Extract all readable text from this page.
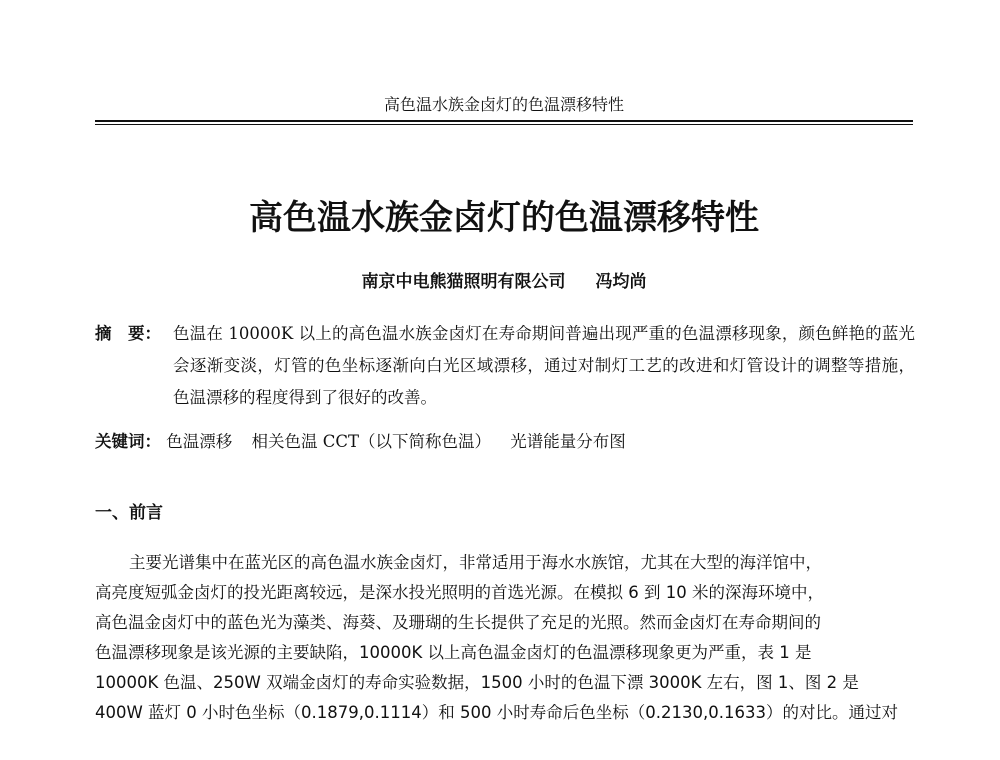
高色温水族金卤灯的色温漂移特性
高色温水族金卤灯的色温漂移特性
南京中电熊猫照明有限公司 冯均尚
摘　要： 色温在 10000K 以上的高色温水族金卤灯在寿命期间普遍出现严重的色温漂移现象，颜色鲜艳的蓝光会逐渐变淡，灯管的色坐标逐渐向白光区域漂移，通过对制灯工艺的改进和灯管设计的调整等措施，色温漂移的程度得到了很好的改善。
关键词： 色温漂移 相关色温 CCT（以下简称色温） 光谱能量分布图
一、前言
主要光谱集中在蓝光区的高色温水族金卤灯，非常适用于海水水族馆，尤其在大型的海洋馆中，
高亮度短弧金卤灯的投光距离较远，是深水投光照明的首选光源。在模拟 6 到 10 米的深海环境中，
高色温金卤灯中的蓝色光为藻类、海葵、及珊瑚的生长提供了充足的光照。然而金卤灯在寿命期间的
色温漂移现象是该光源的主要缺陷，10000K 以上高色温金卤灯的色温漂移现象更为严重，表 1 是
10000K 色温、250W 双端金卤灯的寿命实验数据，1500 小时的色温下漂 3000K 左右，图 1、图 2 是
400W 蓝灯 0 小时色坐标（0.1879,0.1114）和 500 小时寿命后色坐标（0.2130,0.1633）的对比。通过对
